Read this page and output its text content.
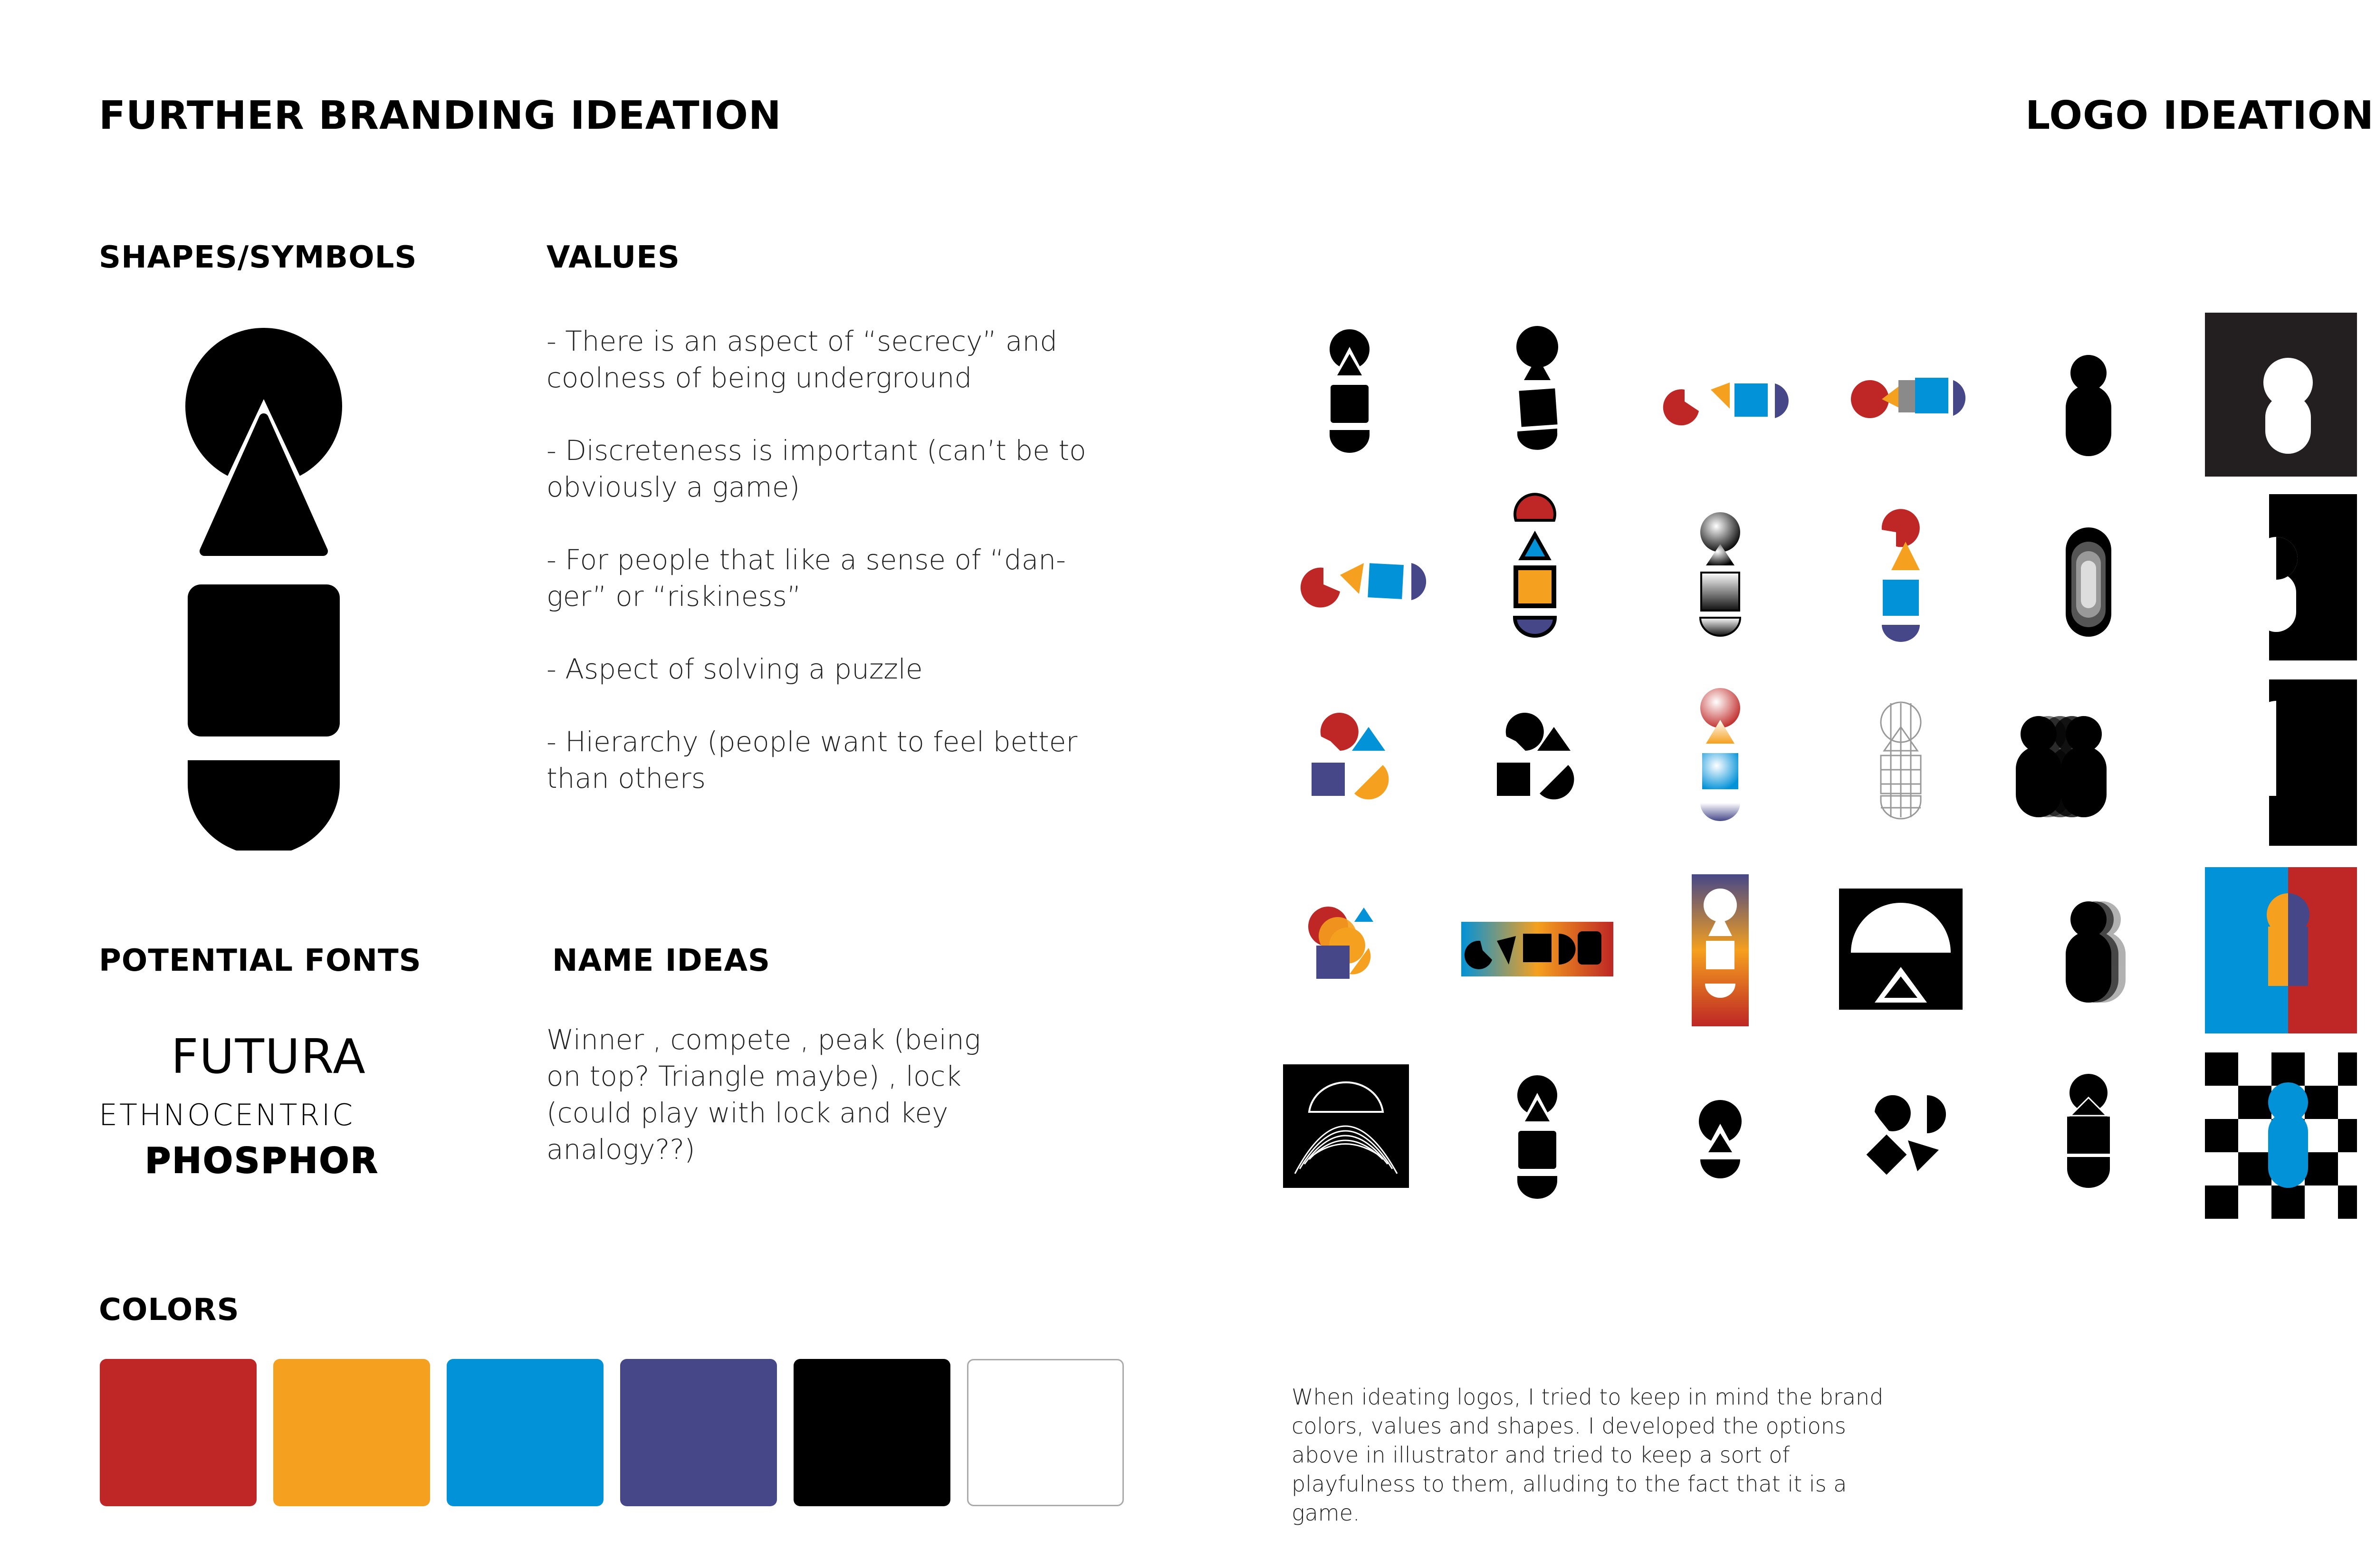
FURTHER BRANDING IDEATION	LOGO IDEATION
SHAPES/SYMBOLS	VALUES

- There is an aspect of “secrecy” and coolness of being underground

- Discreteness is important (can’t be to obviously a game)

- For people that like a sense of “dan- ger” or “riskiness”

- Aspect of solving a puzzle

- Hierarchy (people want to feel better than others

POTENTIAL FONTS
FUTURA
ETHNOCENTRIC
PHOSPHOR
NAME IDEAS
Winner , compete , peak (being on top? Triangle maybe) , lock (could play with lock and key analogy??)
COLORS
When ideating logos, I tried to keep in mind the brand colors, values and shapes. I developed the options above in illustrator and tried to keep a sort of playfulness to them, alluding to the fact that it is a game.
